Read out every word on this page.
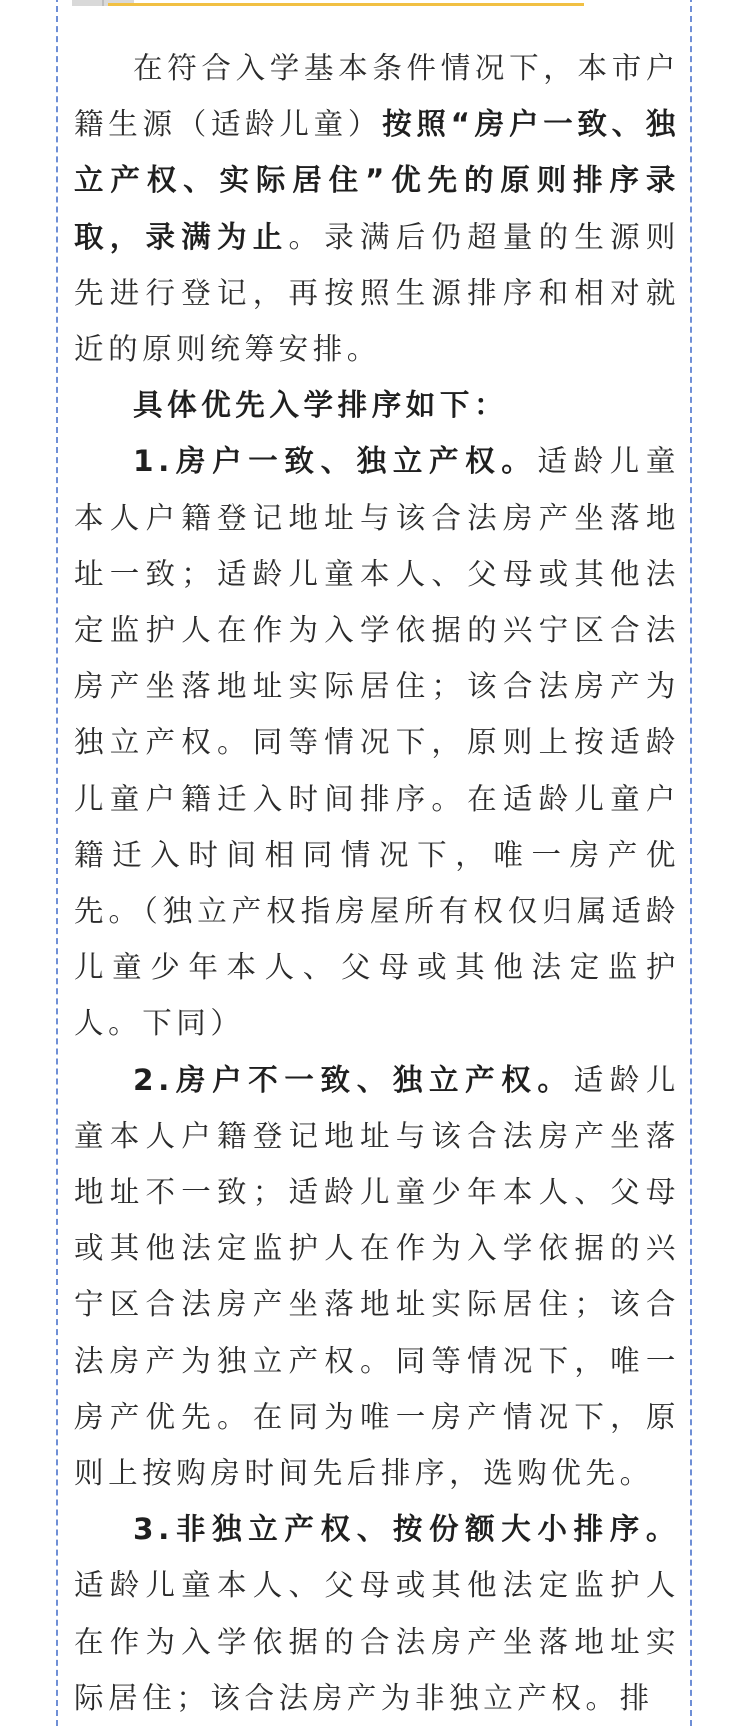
在符合入学基本条件情况下，本市户籍生源（适龄儿童）按照“房户一致、独立产权、实际居住”优先的原则排序录取，录满为止。录满后仍超量的生源则先进行登记，再按照生源排序和相对就近的原则统筹安排。

具体优先入学排序如下：

1.房户一致、独立产权。适龄儿童本人户籍登记地址与该合法房产坐落地址一致；适龄儿童本人、父母或其他法定监护人在作为入学依据的兴宁区合法房产坐落地址实际居住；该合法房产为独立产权。同等情况下，原则上按适龄儿童户籍迁入时间排序。在适龄儿童户籍迁入时间相同情况下，唯一房产优先。（独立产权指房屋所有权仅归属适龄儿童少年本人、父母或其他法定监护人。下同）

2.房户不一致、独立产权。适龄儿童本人户籍登记地址与该合法房产坐落地址不一致；适龄儿童少年本人、父母或其他法定监护人在作为入学依据的兴宁区合法房产坐落地址实际居住；该合法房产为独立产权。同等情况下，唯一房产优先。在同为唯一房产情况下，原则上按购房时间先后排序，选购优先。

3.非独立产权、按份额大小排序。适龄儿童本人、父母或其他法定监护人在作为入学依据的合法房产坐落地址实际居住；该合法房产为非独立产权。排
